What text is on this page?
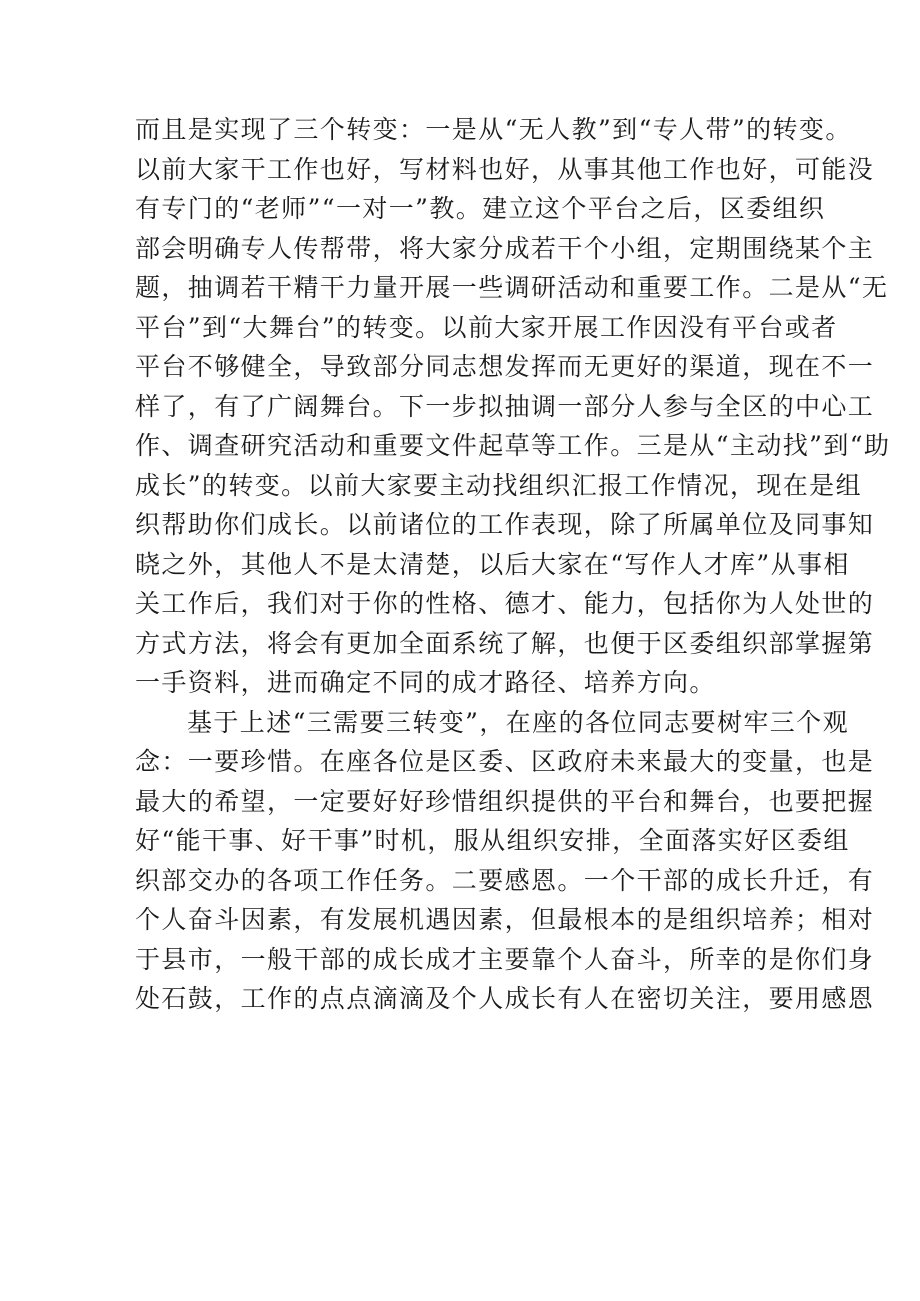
而且是实现了三个转变：一是从“无人教”到“专人带”的转变。
以前大家干工作也好，写材料也好，从事其他工作也好，可能没
有专门的“老师”“一对一”教。建立这个平台之后，区委组织
部会明确专人传帮带，将大家分成若干个小组，定期围绕某个主
题，抽调若干精干力量开展一些调研活动和重要工作。二是从“无
平台”到“大舞台”的转变。以前大家开展工作因没有平台或者
平台不够健全，导致部分同志想发挥而无更好的渠道，现在不一
样了，有了广阔舞台。下一步拟抽调一部分人参与全区的中心工
作、调查研究活动和重要文件起草等工作。三是从“主动找”到“助
成长”的转变。以前大家要主动找组织汇报工作情况，现在是组
织帮助你们成长。以前诸位的工作表现，除了所属单位及同事知
晓之外，其他人不是太清楚，以后大家在“写作人才库”从事相
关工作后，我们对于你的性格、德才、能力，包括你为人处世的
方式方法，将会有更加全面系统了解，也便于区委组织部掌握第
一手资料，进而确定不同的成才路径、培养方向。
基于上述“三需要三转变”，在座的各位同志要树牢三个观
念：一要珍惜。在座各位是区委、区政府未来最大的变量，也是
最大的希望，一定要好好珍惜组织提供的平台和舞台，也要把握
好“能干事、好干事”时机，服从组织安排，全面落实好区委组
织部交办的各项工作任务。二要感恩。一个干部的成长升迁，有
个人奋斗因素，有发展机遇因素，但最根本的是组织培养；相对
于县市，一般干部的成长成才主要靠个人奋斗，所幸的是你们身
处石鼓，工作的点点滴滴及个人成长有人在密切关注，要用感恩
